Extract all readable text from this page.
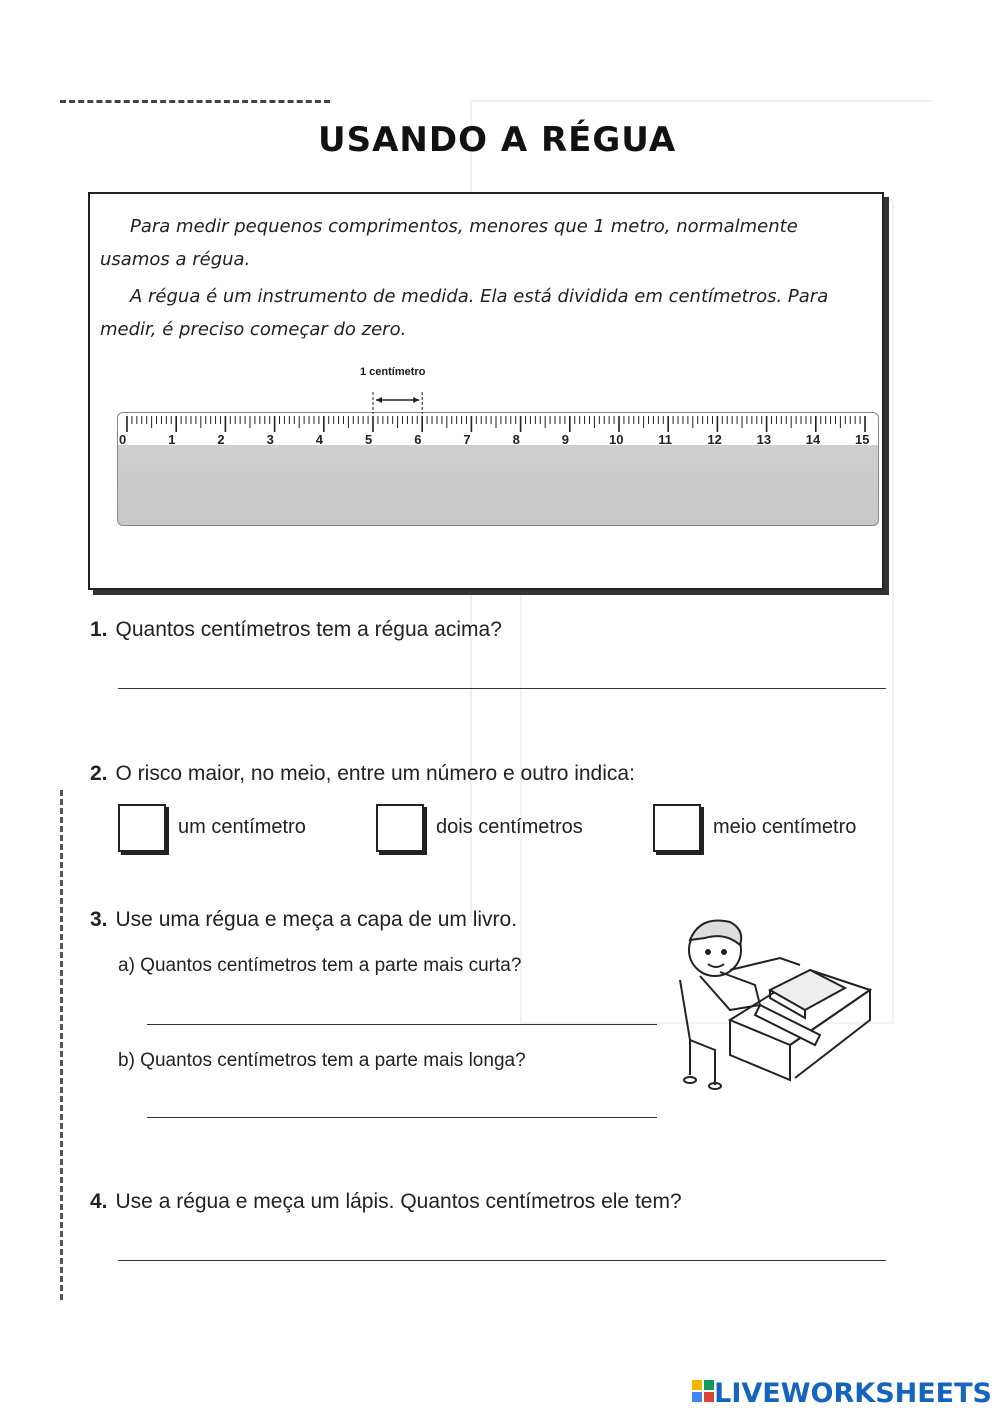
USANDO A RÉGUA

Para medir pequenos comprimentos, menores que 1 metro, normalmente usamos a régua.

A régua é um instrumento de medida. Ela está dividida em centímetros. Para medir, é preciso começar do zero.

1 centímetro
0	1	2	3	4	5	6	7	8	9	10	11	12	13	14	15
1. Quantos centímetros tem a régua acima?
2. O risco maior, no meio, entre um número e outro indica:
um centímetro	dois centímetros	meio centímetro
3. Use uma régua e meça a capa de um livro.
a) Quantos centímetros tem a parte mais curta?
b) Quantos centímetros tem a parte mais longa?
4. Use a régua e meça um lápis. Quantos centímetros ele tem?
LIVEWORKSHEETS
